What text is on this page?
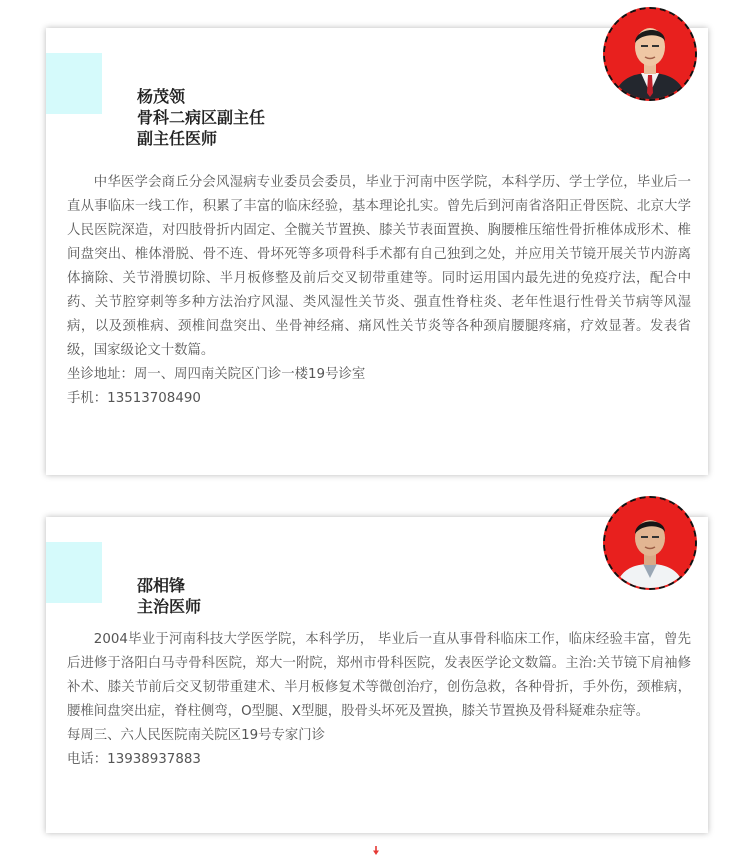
杨茂领
骨科二病区副主任
副主任医师

中华医学会商丘分会风湿病专业委员会委员，毕业于河南中医学院，本科学历、学士学位，毕业后一直从事临床一线工作，积累了丰富的临床经验，基本理论扎实。曾先后到河南省洛阳正骨医院、北京大学人民医院深造，对四肢骨折内固定、全髋关节置换、膝关节表面置换、胸腰椎压缩性骨折椎体成形术、椎间盘突出、椎体滑脱、骨不连、骨坏死等多项骨科手术都有自己独到之处，并应用关节镜开展关节内游离体摘除、关节滑膜切除、半月板修整及前后交叉韧带重建等。同时运用国内最先进的免疫疗法，配合中药、关节腔穿刺等多种方法治疗风湿、类风湿性关节炎、强直性脊柱炎、老年性退行性骨关节病等风湿病，以及颈椎病、颈椎间盘突出、坐骨神经痛、痛风性关节炎等各种颈肩腰腿疼痛，疗效显著。发表省级，国家级论文十数篇。

坐诊地址：周一、周四南关院区门诊一楼19号诊室
手机：13513708490
邵相锋
主治医师

2004毕业于河南科技大学医学院，本科学历， 毕业后一直从事骨科临床工作，临床经验丰富，曾先后进修于洛阳白马寺骨科医院，郑大一附院，郑州市骨科医院，发表医学论文数篇。主治:关节镜下肩袖修补术、膝关节前后交叉韧带重建术、半月板修复术等微创治疗，创伤急救，各种骨折，手外伤，颈椎病，腰椎间盘突出症，脊柱侧弯，O型腿、X型腿，股骨头坏死及置换，膝关节置换及骨科疑难杂症等。

每周三、六人民医院南关院区19号专家门诊
电话：13938937883
